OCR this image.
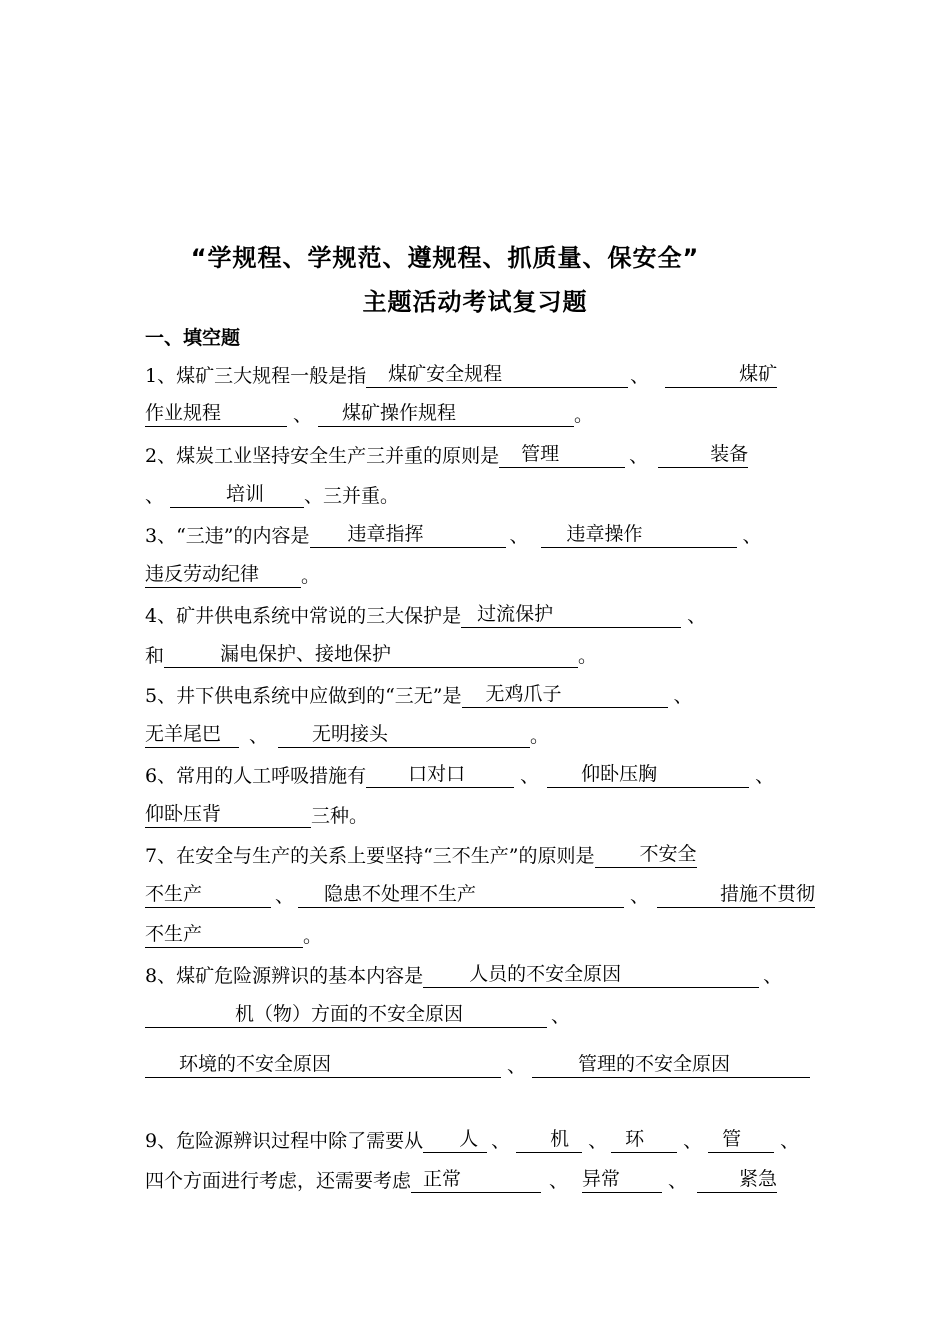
“学规程、学规范、遵规程、抓质量、保安全”
主题活动考试复习题
一、填空题
1、煤矿三大规程一般是指 煤矿安全规程	、	煤矿
作业规程	、 煤矿操作规程	。
2、煤炭工业坚持安全生产三并重的原则是 管理	、	装备
、	培训 、三并重。
3、“三违”的内容是 违章指挥	、 违章操作	、
违反劳动纪律 。
4、矿井供电系统中常说的三大保护是 过流保护	、
和	漏电保护、接地保护	。
5、井下供电系统中应做到的“三无”是 无鸡爪子	、
无羊尾巴 、 无明接头	。
6、常用的人工呼吸措施有 口对口	、 仰卧压胸	、
仰卧压背	三种。
7、在安全与生产的关系上要坚持“三不生产”的原则是 不安全
不生产	、 隐患不处理不生产	、	措施不贯彻
不生产	。
8、煤矿危险源辨识的基本内容是 人员的不安全原因	、
机（物）方面的不安全原因	、
环境的不安全原因	、	管理的不安全原因
9、危险源辨识过程中除了需要从 人 、 机 、 环 、 管 、
四个方面进行考虑，还需要考虑 正常	、 异常	、	紧急
